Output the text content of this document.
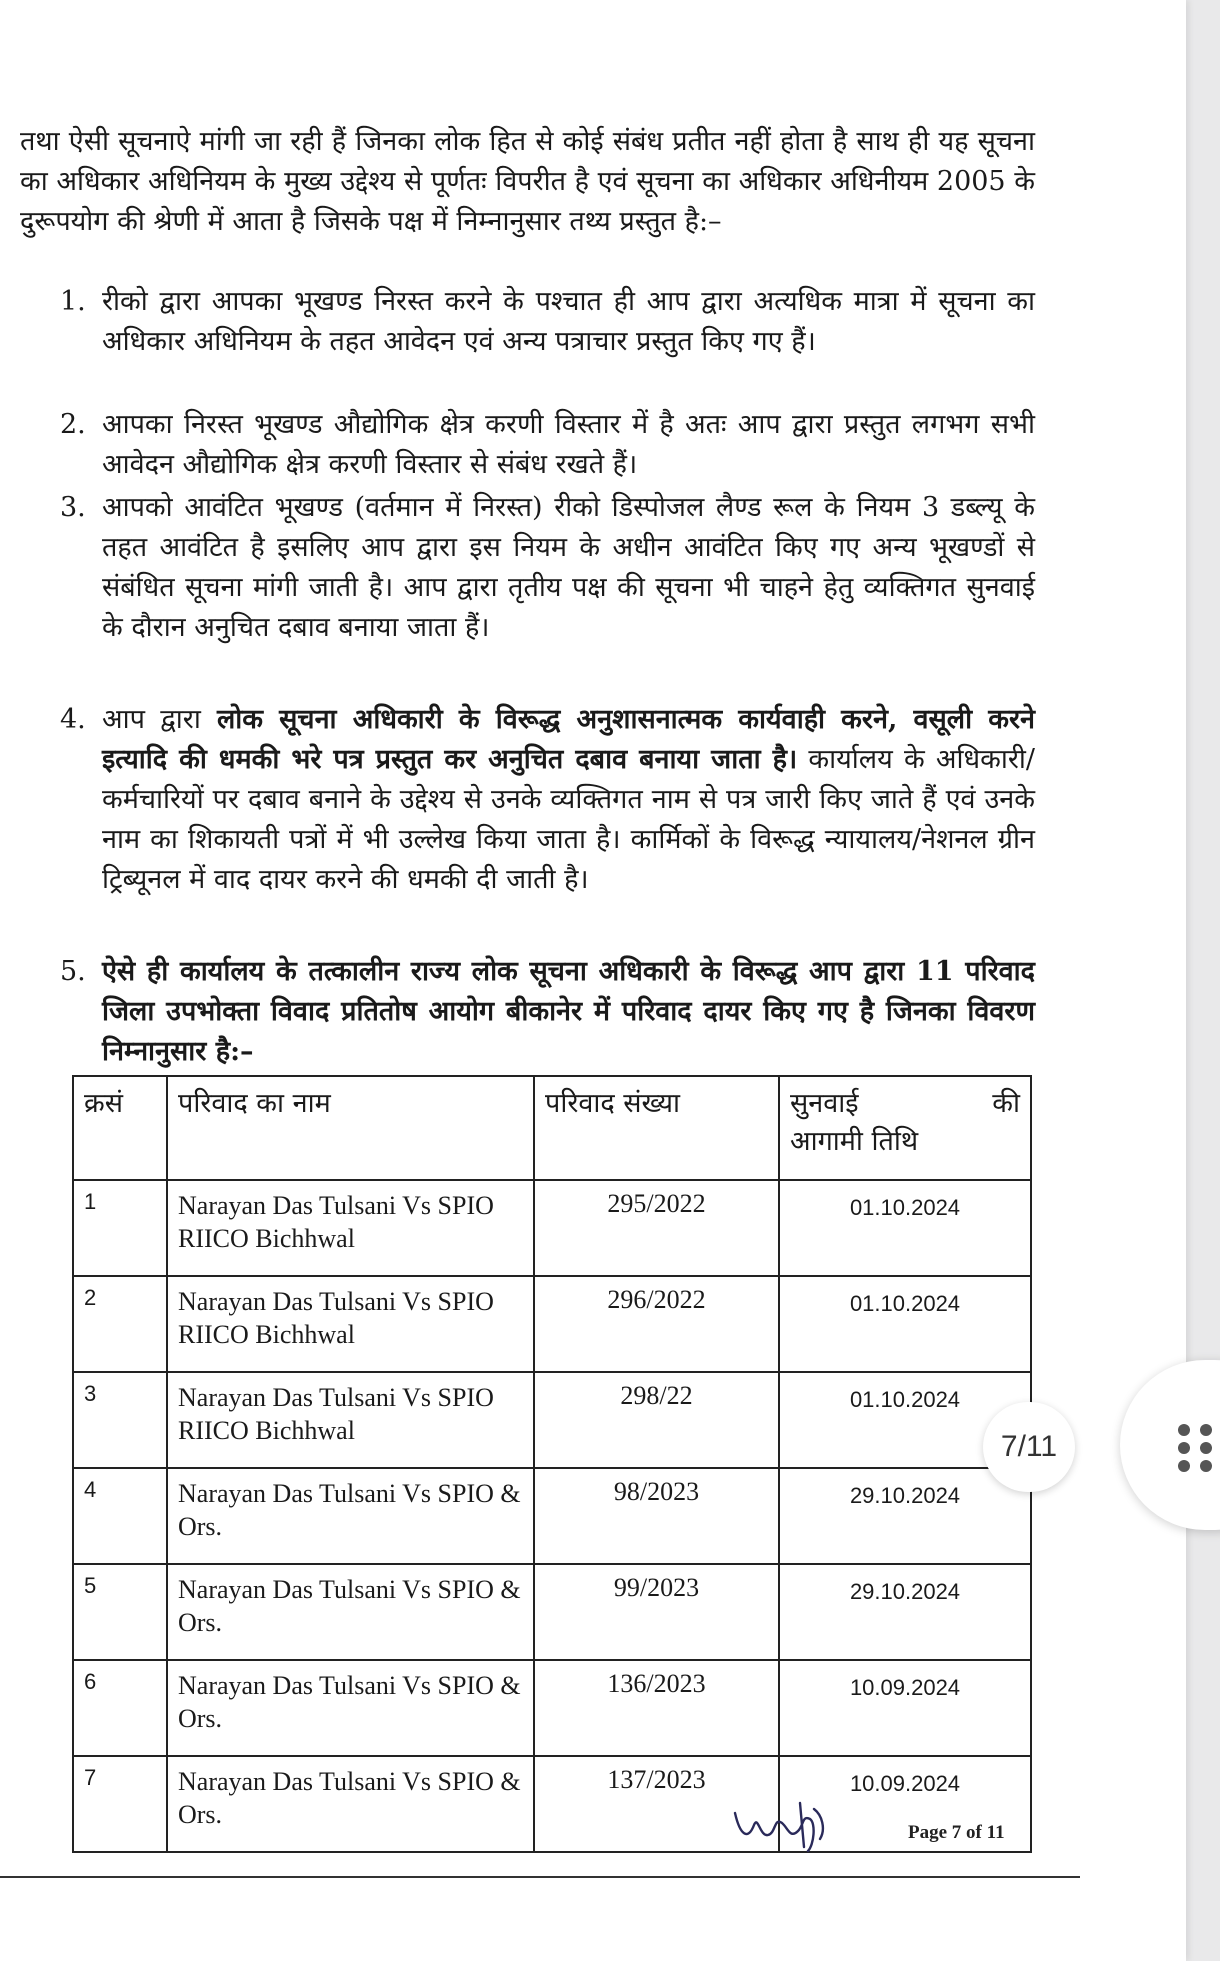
तथा ऐसी सूचनाऐ मांगी जा रही हैं जिनका लोक हित से कोई संबंध प्रतीत नहीं होता है साथ ही यह सूचना का अधिकार अधिनियम के मुख्य उद्देश्य से पूर्णतः विपरीत है एवं सूचना का अधिकार अधिनीयम 2005 के दुरूपयोग की श्रेणी में आता है जिसके पक्ष में निम्नानुसार तथ्य प्रस्तुत है:–

1. रीको द्वारा आपका भूखण्ड निरस्त करने के पश्चात ही आप द्वारा अत्यधिक मात्रा में सूचना का अधिकार अधिनियम के तहत आवेदन एवं अन्य पत्राचार प्रस्तुत किए गए हैं।
2. आपका निरस्त भूखण्ड औद्योगिक क्षेत्र करणी विस्तार में है अतः आप द्वारा प्रस्तुत लगभग सभी आवेदन औद्योगिक क्षेत्र करणी विस्तार से संबंध रखते हैं।
3. आपको आवंटित भूखण्ड (वर्तमान में निरस्त) रीको डिस्पोजल लैण्ड रूल के नियम 3 डब्ल्यू के तहत आवंटित है इसलिए आप द्वारा इस नियम के अधीन आवंटित किए गए अन्य भूखण्डों से संबंधित सूचना मांगी जाती है। आप द्वारा तृतीय पक्ष की सूचना भी चाहने हेतु व्यक्तिगत सुनवाई के दौरान अनुचित दबाव बनाया जाता हैं।
4. आप द्वारा लोक सूचना अधिकारी के विरूद्ध अनुशासनात्मक कार्यवाही करने, वसूली करने इत्यादि की धमकी भरे पत्र प्रस्तुत कर अनुचित दबाव बनाया जाता है। कार्यालय के अधिकारी/कर्मचारियों पर दबाव बनाने के उद्देश्य से उनके व्यक्तिगत नाम से पत्र जारी किए जाते हैं एवं उनके नाम का शिकायती पत्रों में भी उल्लेख किया जाता है। कार्मिकों के विरूद्ध न्यायालय/नेशनल ग्रीन ट्रिब्यूनल में वाद दायर करने की धमकी दी जाती है।
5. ऐसे ही कार्यालय के तत्कालीन राज्य लोक सूचना अधिकारी के विरूद्ध आप द्वारा 11 परिवाद जिला उपभोक्ता विवाद प्रतितोष आयोग बीकानेर में परिवाद दायर किए गए है जिनका विवरण निम्नानुसार है:–
क्रसं	परिवाद का नाम	परिवाद संख्या	सुनवाई की
आगामी तिथि

1	Narayan Das Tulsani Vs SPIO RIICO Bichhwal	295/2022	01.10.2024
2	Narayan Das Tulsani Vs SPIO RIICO Bichhwal	296/2022	01.10.2024
3	Narayan Das Tulsani Vs SPIO RIICO Bichhwal	298/22	01.10.2024
4	Narayan Das Tulsani Vs SPIO & Ors.	98/2023	29.10.2024
5	Narayan Das Tulsani Vs SPIO & Ors.	99/2023	29.10.2024
6	Narayan Das Tulsani Vs SPIO & Ors.	136/2023	10.09.2024
7	Narayan Das Tulsani Vs SPIO & Ors.	137/2023	10.09.2024
Page 7 of 11
7/11
